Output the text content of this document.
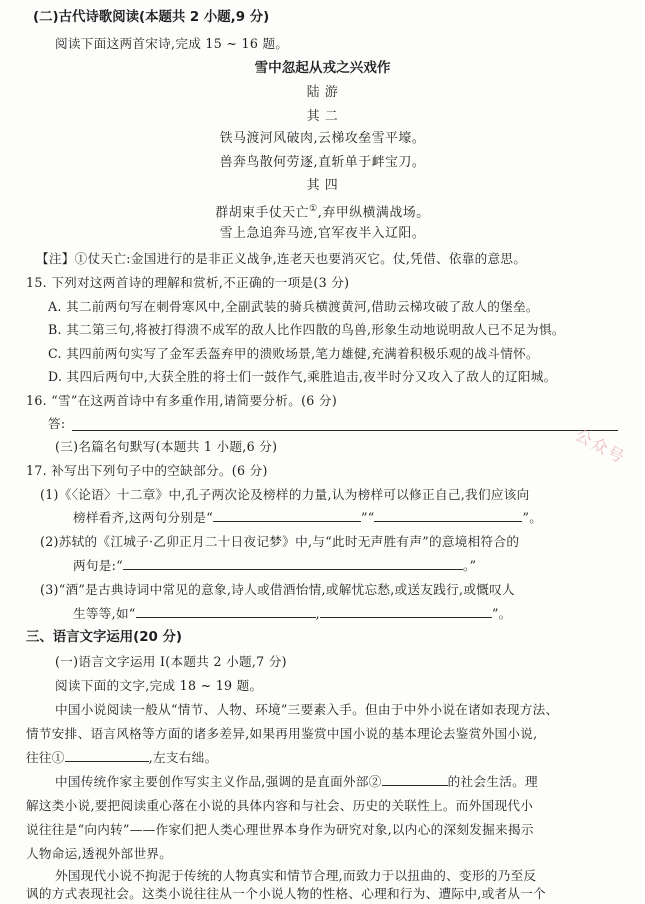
(二)古代诗歌阅读(本题共 2 小题,9 分)
阅读下面这两首宋诗,完成 15 ~ 16 题。
雪中忽起从戎之兴戏作
陆 游
其 二
铁马渡河风破肉,云梯攻垒雪平壕。
兽奔鸟散何劳逐,直斩单于衅宝刀。
其 四
群胡束手仗天亡①,弃甲纵横满战场。
雪上急追奔马迹,官军夜半入辽阳。
【注】①仗天亡:金国进行的是非正义战争,连老天也要消灭它。仗,凭借、依靠的意思。
15. 下列对这两首诗的理解和赏析,不正确的一项是(3 分)
A. 其二前两句写在刺骨寒风中,全副武装的骑兵横渡黄河,借助云梯攻破了敌人的堡垒。
B. 其二第三句,将被打得溃不成军的敌人比作四散的鸟兽,形象生动地说明敌人已不足为惧。
C. 其四前两句实写了金军丢盔弃甲的溃败场景,笔力雄健,充满着积极乐观的战斗情怀。
D. 其四后两句中,大获全胜的将士们一鼓作气,乘胜追击,夜半时分又攻入了敌人的辽阳城。
16. “雪”在这两首诗中有多重作用,请简要分析。(6 分)
答:
(三)名篇名句默写(本题共 1 小题,6 分)
17. 补写出下列句子中的空缺部分。(6 分)
(1)《〈论语〉十二章》中,孔子两次论及榜样的力量,认为榜样可以修正自己,我们应该向
榜样看齐,这两句分别是“	”“	”。
(2)苏轼的《江城子·乙卯正月二十日夜记梦》中,与“此时无声胜有声”的意境相符合的
两句是:“	。”
(3)“酒”是古典诗词中常见的意象,诗人或借酒怡情,或解忧忘愁,或送友践行,或慨叹人
生等等,如“	,	”。
三、语言文字运用(20 分)
(一)语言文字运用 Ⅰ(本题共 2 小题,7 分)
阅读下面的文字,完成 18 ~ 19 题。
中国小说阅读一般从“情节、人物、环境”三要素入手。但由于中外小说在诸如表现方法、
情节安排、语言风格等方面的诸多差异,如果再用鉴赏中国小说的基本理论去鉴赏外国小说,
往往①	,左支右绌。
中国传统作家主要创作写实主义作品,强调的是直面外部②	的社会生活。理
解这类小说,要把阅读重心落在小说的具体内容和与社会、历史的关联性上。而外国现代小
说往往是“向内转”——作家们把人类心理世界本身作为研究对象,以内心的深刻发掘来揭示
人物命运,透视外部世界。
外国现代小说不拘泥于传统的人物真实和情节合理,而致力于以扭曲的、变形的乃至反
讽的方式表现社会。这类小说往往从一个小说人物的性格、心理和行为、遭际中,或者从一个
公众号
